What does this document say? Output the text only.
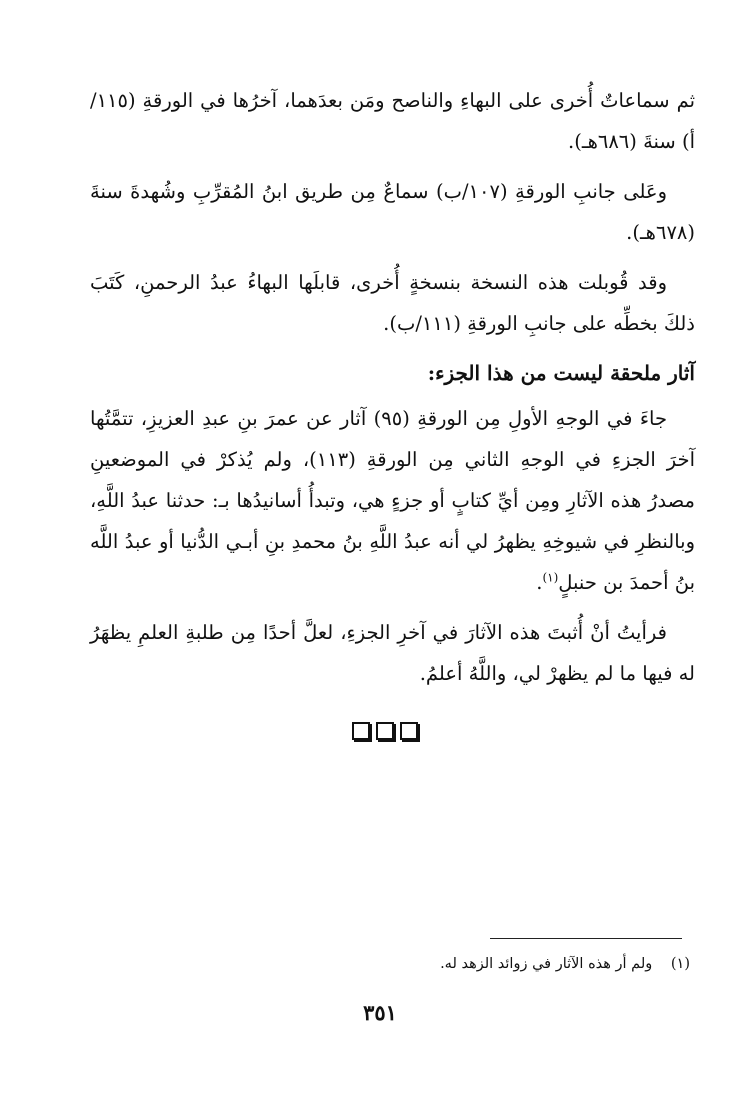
ثم سماعاتٌ أُخرى على البهاءِ والناصح ومَن بعدَهما، آخرُها في الورقةِ (١١٥/أ) سنةَ (٦٨٦هـ).

وعَلى جانبِ الورقةِ (١٠٧/ب) سماعٌ مِن طريق ابنُ المُقرِّبِ وشُهدةَ سنةَ (٦٧٨هـ).

وقد قُوبلت هذه النسخة بنسخةٍ أُخرى، قابلَها البهاءُ عبدُ الرحمنِ، كَتَبَ ذلكَ بخطِّه على جانبِ الورقةِ (١١١/ب).

آثار ملحقة ليست من هذا الجزء:

جاءَ في الوجهِ الأولِ مِن الورقةِ (٩٥) آثار عن عمرَ بنِ عبدِ العزيزِ، تتمَّتُها آخرَ الجزءِ في الوجهِ الثاني مِن الورقةِ (١١٣)، ولم يُذكرْ في الموضعينِ مصدرُ هذه الآثارِ ومِن أيِّ كتابٍ أو جزءٍ هي، وتبدأُ أسانيدُها بـ: حدثنا عبدُ اللَّهِ، وبالنظرِ في شيوخِهِ يظهرُ لي أنه عبدُ اللَّهِ بنُ محمدِ بنِ أبـي الدُّنيا أو عبدُ اللَّه بنُ أحمدَ بن حنبلٍ$^{(١)}$.

فرأيتُ أنْ أُثبتَ هذه الآثارَ في آخرِ الجزءِ، لعلَّ أحدًا مِن طلبةِ العلمِ يظهَرُ له فيها ما لم يظهرْ لي، واللَّهُ أعلمُ.

(١) ولم أر هذه الآثار في زوائد الزهد له.
٣٥١
